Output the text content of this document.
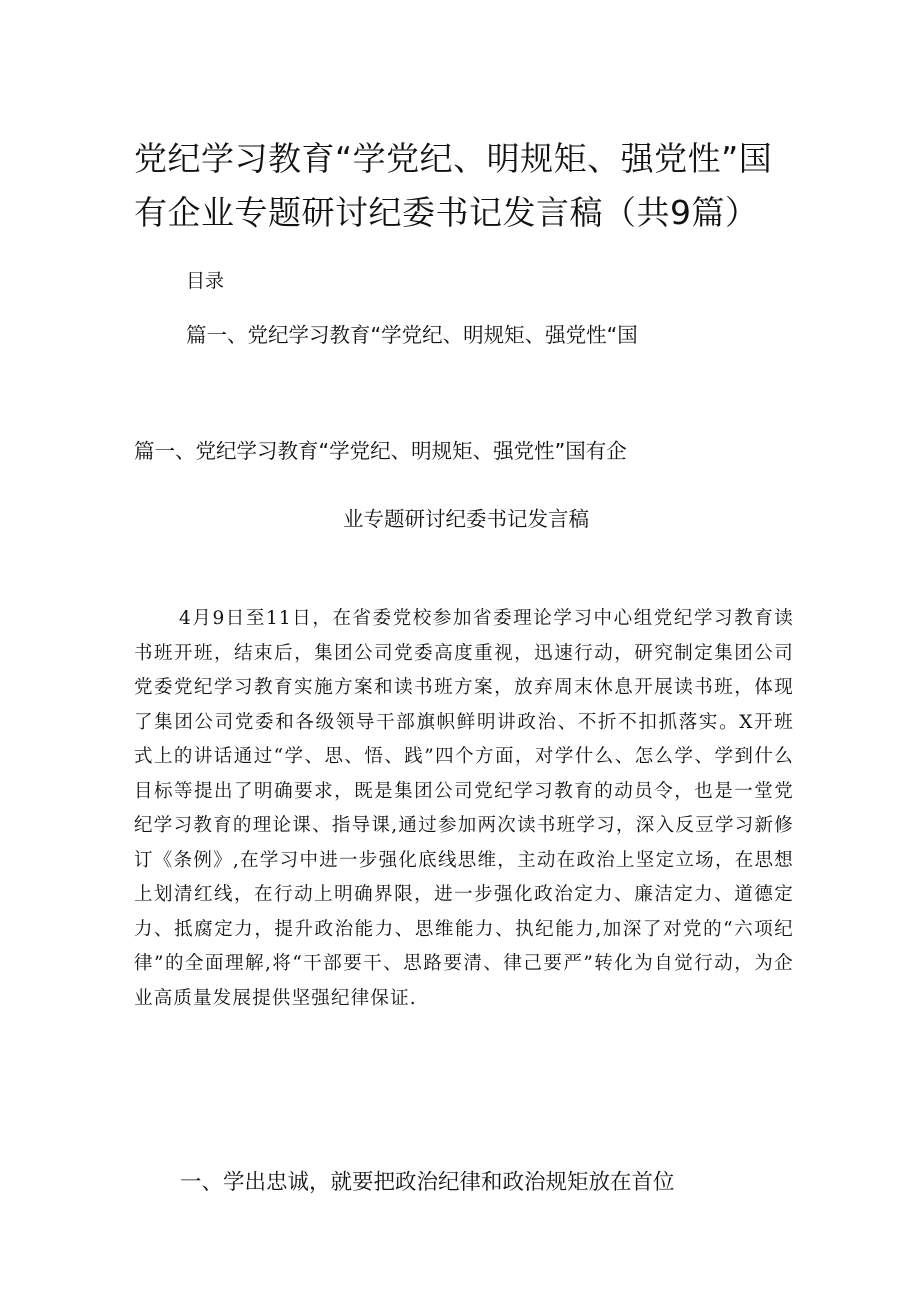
党纪学习教育“学党纪、明规矩、强党性”国有企业专题研讨纪委书记发言稿（共9篇）

目录

篇一、党纪学习教育“学党纪、明规矩、强党性“国

篇一、党纪学习教育“学党纪、明规矩、强党性”国有企

业专题研讨纪委书记发言稿

4月9日至11日，在省委党校参加省委理论学习中心组党纪学习教育读书班开班，结束后，集团公司党委高度重视，迅速行动，研究制定集团公司党委党纪学习教育实施方案和读书班方案，放弃周末休息开展读书班，体现了集团公司党委和各级领导干部旗帜鲜明讲政治、不折不扣抓落实。X开班式上的讲话通过“学、思、悟、践”四个方面，对学什么、怎么学、学到什么目标等提出了明确要求，既是集团公司党纪学习教育的动员令，也是一堂党纪学习教育的理论课、指导课,通过参加两次读书班学习，深入反豆学习新修订《条例》,在学习中进一步强化底线思维，主动在政治上坚定立场，在思想上划清红线，在行动上明确界限，进一步强化政治定力、廉洁定力、道德定力、抵腐定力，提升政治能力、思维能力、执纪能力,加深了对党的“六项纪律”的全面理解,将“干部要干、思路要清、律己要严”转化为自觉行动，为企业高质量发展提供坚强纪律保证.

一、学出忠诚，就要把政治纪律和政治规矩放在首位
